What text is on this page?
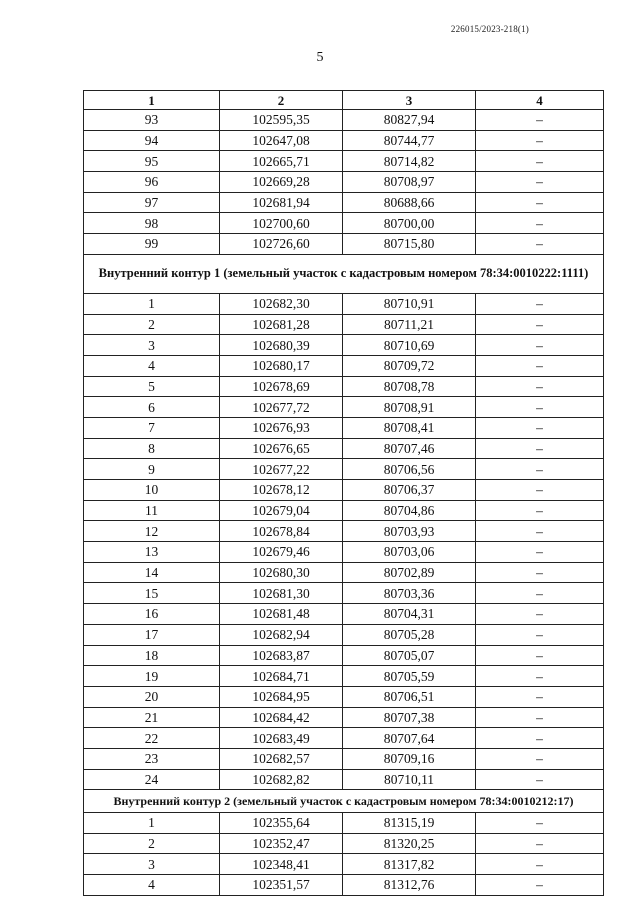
226015/2023-218(1)
5
1	2	3	4
93	102595,35	80827,94	–
94	102647,08	80744,77	–
95	102665,71	80714,82	–
96	102669,28	80708,97	–
97	102681,94	80688,66	–
98	102700,60	80700,00	–
99	102726,60	80715,80	–
Внутренний контур 1 (земельный участок с кадастровым номером 78:34:0010222:1111)			
1	102682,30	80710,91	–
2	102681,28	80711,21	–
3	102680,39	80710,69	–
4	102680,17	80709,72	–
5	102678,69	80708,78	–
6	102677,72	80708,91	–
7	102676,93	80708,41	–
8	102676,65	80707,46	–
9	102677,22	80706,56	–
10	102678,12	80706,37	–
11	102679,04	80704,86	–
12	102678,84	80703,93	–
13	102679,46	80703,06	–
14	102680,30	80702,89	–
15	102681,30	80703,36	–
16	102681,48	80704,31	–
17	102682,94	80705,28	–
18	102683,87	80705,07	–
19	102684,71	80705,59	–
20	102684,95	80706,51	–
21	102684,42	80707,38	–
22	102683,49	80707,64	–
23	102682,57	80709,16	–
24	102682,82	80710,11	–
Внутренний контур 2 (земельный участок с кадастровым номером 78:34:0010212:17)			
1	102355,64	81315,19	–
2	102352,47	81320,25	–
3	102348,41	81317,82	–
4	102351,57	81312,76	–
